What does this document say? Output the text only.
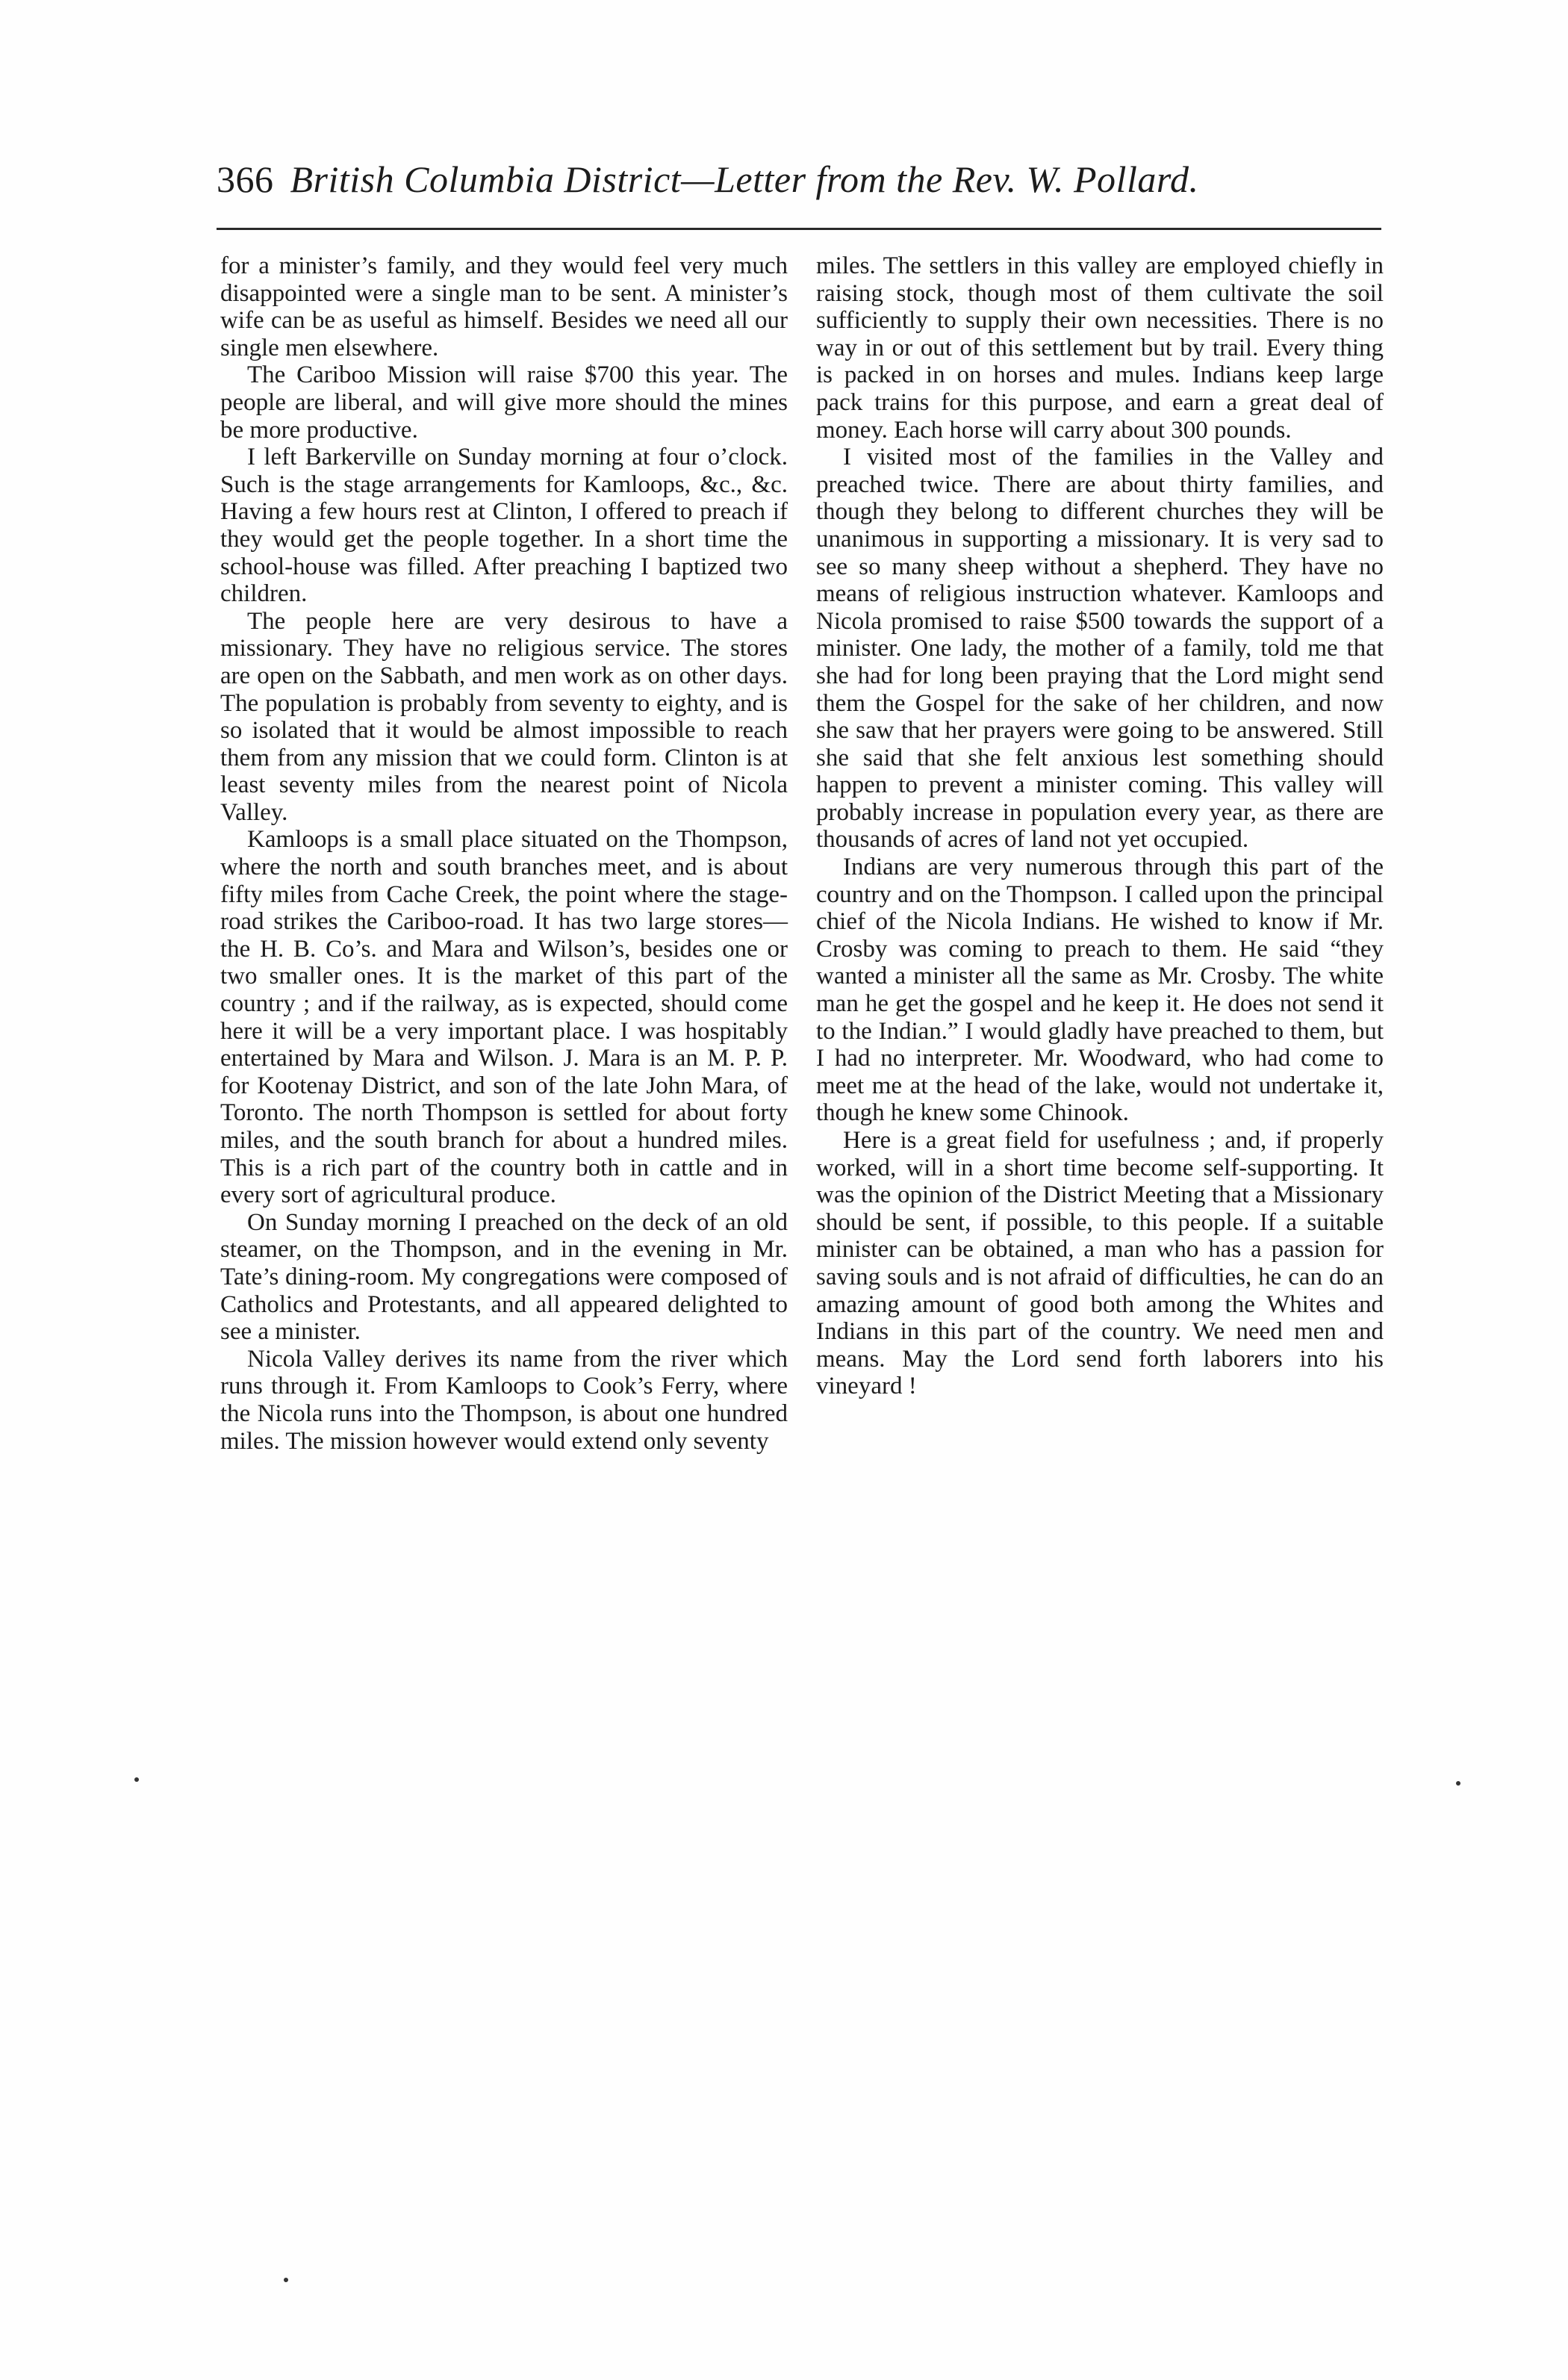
366 British Columbia District—Letter from the Rev. W. Pollard.

for a minister’s family, and they would feel very much disappointed were a single man to be sent. A minister’s wife can be as useful as himself. Besides we need all our single men elsewhere.

The Cariboo Mission will raise $700 this year. The people are liberal, and will give more should the mines be more productive.

I left Barkerville on Sunday morning at four o’clock. Such is the stage arrangements for Kamloops, &c., &c. Having a few hours rest at Clinton, I offered to preach if they would get the people together. In a short time the school-house was filled. After preaching I baptized two children.

The people here are very desirous to have a missionary. They have no religious service. The stores are open on the Sabbath, and men work as on other days. The population is probably from seventy to eighty, and is so isolated that it would be almost impossible to reach them from any mission that we could form. Clinton is at least seventy miles from the nearest point of Nicola Valley.

Kamloops is a small place situated on the Thompson, where the north and south branches meet, and is about fifty miles from Cache Creek, the point where the stage-road strikes the Cariboo-road. It has two large stores—the H. B. Co’s. and Mara and Wilson’s, besides one or two smaller ones. It is the market of this part of the country ; and if the railway, as is expected, should come here it will be a very important place. I was hospitably entertained by Mara and Wilson. J. Mara is an M. P. P. for Kootenay District, and son of the late John Mara, of Toronto. The north Thompson is settled for about forty miles, and the south branch for about a hundred miles. This is a rich part of the country both in cattle and in every sort of agricultural produce.

On Sunday morning I preached on the deck of an old steamer, on the Thompson, and in the evening in Mr. Tate’s dining-room. My congregations were composed of Catholics and Protestants, and all appeared delighted to see a minister.

Nicola Valley derives its name from the river which runs through it. From Kamloops to Cook’s Ferry, where the Nicola runs into the Thompson, is about one hundred miles. The mission however would extend only seventy

miles. The settlers in this valley are employed chiefly in raising stock, though most of them cultivate the soil sufficiently to supply their own necessities. There is no way in or out of this settlement but by trail. Every thing is packed in on horses and mules. Indians keep large pack trains for this purpose, and earn a great deal of money. Each horse will carry about 300 pounds.

I visited most of the families in the Valley and preached twice. There are about thirty families, and though they belong to different churches they will be unanimous in supporting a missionary. It is very sad to see so many sheep without a shepherd. They have no means of religious instruction whatever. Kamloops and Nicola promised to raise $500 towards the support of a minister. One lady, the mother of a family, told me that she had for long been praying that the Lord might send them the Gospel for the sake of her children, and now she saw that her prayers were going to be answered. Still she said that she felt anxious lest something should happen to prevent a minister coming. This valley will probably increase in population every year, as there are thousands of acres of land not yet occupied.

Indians are very numerous through this part of the country and on the Thompson. I called upon the principal chief of the Nicola Indians. He wished to know if Mr. Crosby was coming to preach to them. He said “they wanted a minister all the same as Mr. Crosby. The white man he get the gospel and he keep it. He does not send it to the Indian.” I would gladly have preached to them, but I had no interpreter. Mr. Woodward, who had come to meet me at the head of the lake, would not undertake it, though he knew some Chinook.

Here is a great field for usefulness ; and, if properly worked, will in a short time become self-supporting. It was the opinion of the District Meeting that a Missionary should be sent, if possible, to this people. If a suitable minister can be obtained, a man who has a passion for saving souls and is not afraid of difficulties, he can do an amazing amount of good both among the Whites and Indians in this part of the country. We need men and means. May the Lord send forth laborers into his vineyard !
